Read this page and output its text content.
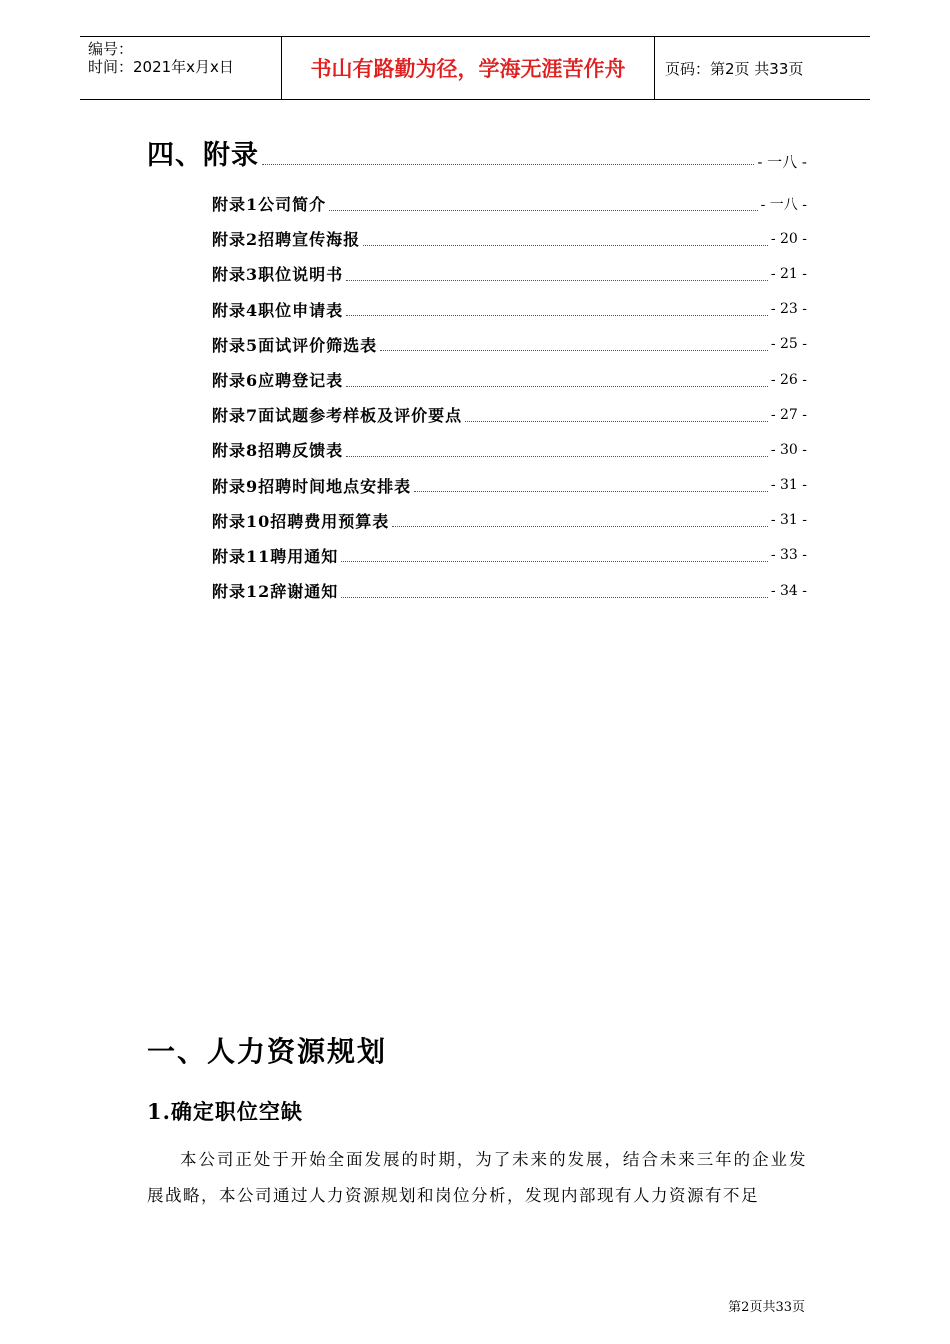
编号：
时间：2021年x月x日	书山有路勤为径，学海无涯苦作舟	页码：第2页 共33页
四、附录	- 一八 -
附录1公司简介	- 一八 -
附录2招聘宣传海报	- 20 -
附录3职位说明书	- 21 -
附录4职位申请表	- 23 -
附录5面试评价筛选表	- 25 -
附录6应聘登记表	- 26 -
附录7面试题参考样板及评价要点	- 27 -
附录8招聘反馈表	- 30 -
附录9招聘时间地点安排表	- 31 -
附录10招聘费用预算表	- 31 -
附录11聘用通知	- 33 -
附录12辞谢通知	- 34 -
一、人力资源规划
1.确定职位空缺

本公司正处于开始全面发展的时期，为了未来的发展，结合未来三年的企业发展战略，本公司通过人力资源规划和岗位分析，发现内部现有人力资源有不足

第2页共33页
